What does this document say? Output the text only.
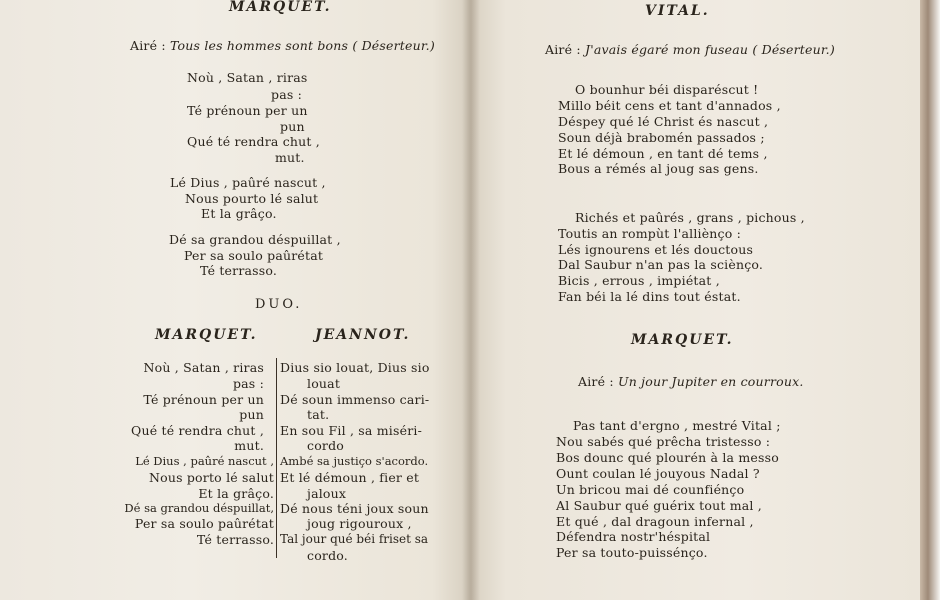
MARQUET.
Airé : Tous les hommes sont bons ( Déserteur.)
Noù , Satan , riras
pas :
Té prénoun per un
pun
Qué té rendra chut ,
mut.
Lé Dius , paûré nascut ,
Nous pourto lé salut
Et la grâço.
Dé sa grandou déspuillat ,
Per sa soulo paûrétat
Té terrasso.
DUO.
MARQUET.	JEANNOT.
Noù , Satan , riras
pas :
Té prénoun per un
pun
Qué té rendra chut ,
mut.
Lé Dius , paûré nascut ,
Nous porto lé salut
Et la grâço.
Dé sa grandou déspuillat,
Per sa soulo paûrétat
Té terrasso.
Dius sio louat, Dius sio
louat
Dé soun immenso cari-
tat.
En sou Fil , sa miséri-
cordo
Ambé sa justiço s'acordo.
Et lé démoun , fier et
jaloux
Dé nous téni joux soun
joug rigouroux ,
Tal jour qué béi friset sa
cordo.
VITAL.
Airé : J'avais égaré mon fuseau ( Déserteur.)
O bounhur béi disparéscut !
Millo béit cens et tant d'annados ,
Déspey qué lé Christ és nascut ,
Soun déjà brabomén passados ;
Et lé démoun , en tant dé tems ,
Bous a rémés al joug sas gens.
Richés et paûrés , grans , pichous ,
Toutis an rompùt l'alliènço :
Lés ignourens et lés douctous
Dal Saubur n'an pas la sciènço.
Bicis , errous , impiétat ,
Fan béi la lé dins tout éstat.
MARQUET.
Airé : Un jour Jupiter en courroux.
Pas tant d'ergno , mestré Vital ;
Nou sabés qué prêcha tristesso :
Bos dounc qué plourén à la messo
Ount coulan lé jouyous Nadal ?
Un bricou mai dé counfiénço
Al Saubur qué guérix tout mal ,
Et qué , dal dragoun infernal ,
Défendra nostr'héspital
Per sa touto-puissénço.
